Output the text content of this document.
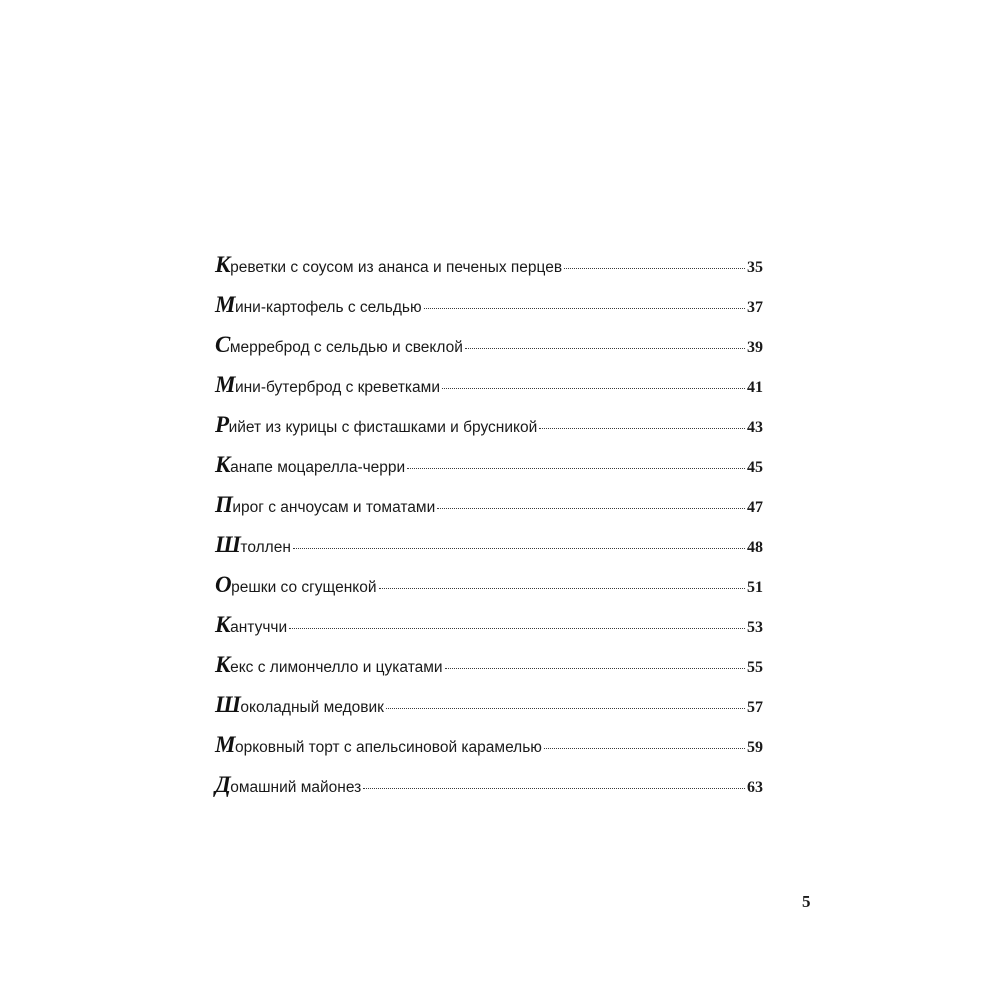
Креветки с соусом из ананса и печеных перцев	35
Мини-картофель с сельдью	37
Смерреброд с сельдью и свеклой	39
Мини-бутерброд с креветками	41
Рийет из курицы с фисташками и брусникой	43
Канапе моцарелла-черри	45
Пирог с анчоусам и томатами	47
Штоллен	48
Орешки со сгущенкой	51
Кантуччи	53
Кекс с лимончелло и цукатами	55
Шоколадный медовик	57
Морковный торт с апельсиновой карамелью	59
Домашний майонез	63
5
